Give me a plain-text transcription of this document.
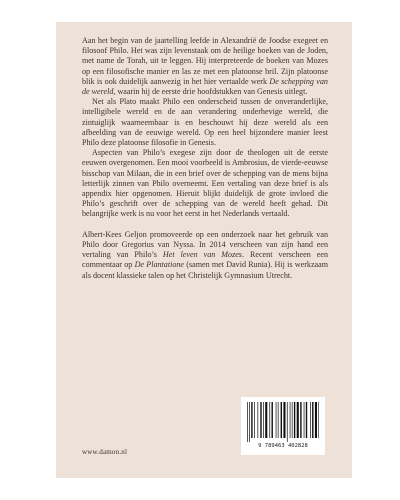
Aan het begin van de jaartelling leefde in Alexandrië de Joodse exegeet en filosoof Philo. Het was zijn levenstaak om de heilige boeken van de Joden, met name de Torah, uit te leggen. Hij interpreteerde de boeken van Mozes op een filosofische manier en las ze met een platoonse bril. Zijn platoonse blik is ook duidelijk aanwezig in het hier vertaalde werk De schepping van de wereld, waarin hij de eerste drie hoofdstukken van Genesis uitlegt.

Net als Plato maakt Philo een onderscheid tussen de onveranderlijke, intelligibele wereld en de aan verandering onderhevige wereld, die zintuiglijk waarneembaar is en beschouwt hij deze wereld als een afbeelding van de eeuwige wereld. Op een heel bijzondere manier leest Philo deze platoonse filosofie in Genesis.

Aspecten van Philo’s exegese zijn door de theologen uit de eerste eeuwen overgenomen. Een mooi voorbeeld is Ambrosius, de vierde-eeuwse bisschop van Milaan, die in een brief over de schepping van de mens bijna letterlijk zinnen van Philo overneemt. Een vertaling van deze brief is als appendix hier opgenomen. Hieruit blijkt duidelijk de grote invloed die Philo’s geschrift over de schepping van de wereld heeft gehad. Dit belangrijke werk is nu voor het eerst in het Nederlands vertaald.

Albert-Kees Geljon promoveerde op een onderzoek naar het gebruik van Philo door Gregorius van Nyssa. In 2014 verscheen van zijn hand een vertaling van Philo’s Het leven van Mozes. Recent verscheen een commentaar op De Plantatione (samen met David Runia). Hij is werkzaam als docent klassieke talen op het Christelijk Gymnasium Utrecht.

www.damon.nl
9 789463 402828
